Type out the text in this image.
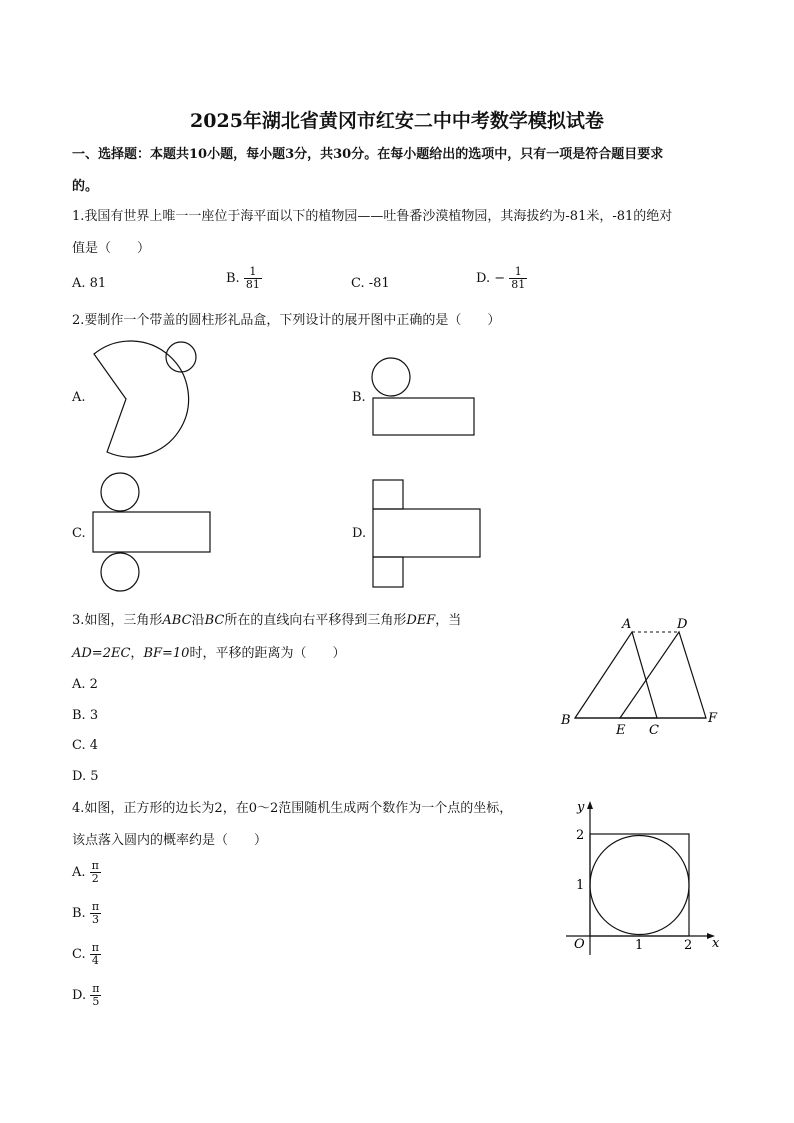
2025年湖北省黄冈市红安二中中考数学模拟试卷
一、选择题：本题共10小题，每小题3分，共30分。在每小题给出的选项中，只有一项是符合题目要求
的。
1.我国有世界上唯一一座位于海平面以下的植物园——吐鲁番沙漠植物园，其海拔约为-81米，-81的绝对
值是（　　）
A. 81	B. $\frac{1}{81}$	C. -81	D. − $\frac{1}{81}$
2.要制作一个带盖的圆柱形礼品盒，下列设计的展开图中正确的是（　　）
A.	B.
C.	D.
3.如图，三角形ABC沿BC所在的直线向右平移得到三角形DEF，当
AD=2EC，BF=10时，平移的距离为（　　）
A. 2
B. 3
C. 4
D. 5
A	D
B
E C
F
4.如图，正方形的边长为2，在0～2范围随机生成两个数作为一个点的坐标，
该点落入圆内的概率约是（　　）
A. $\frac{\pi}{2}$
B. $\frac{\pi}{3}$
C. $\frac{\pi}{4}$
D. $\frac{\pi}{5}$
y
x
O
2
1
1	2
